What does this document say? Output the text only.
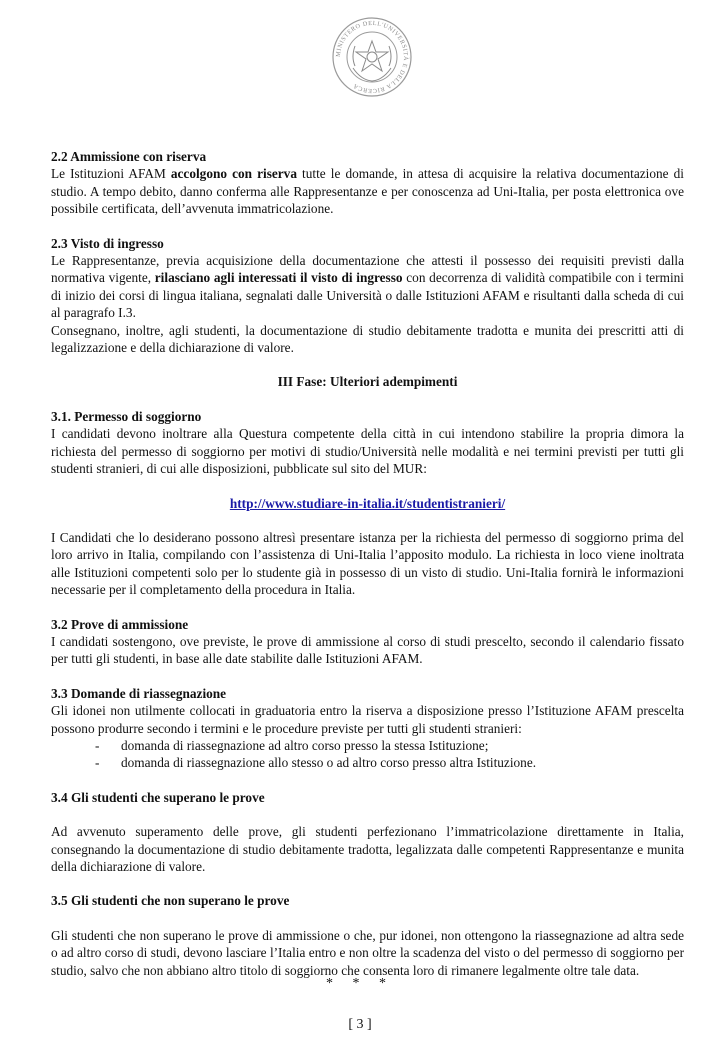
MINISTERO DELL'UNIVERSITÀ E DELLA RICERCA

2.2 Ammissione con riserva

Le Istituzioni AFAM accolgono con riserva tutte le domande, in attesa di acquisire la relativa documentazione di studio. A tempo debito, danno conferma alle Rappresentanze e per conoscenza ad Uni-Italia, per posta elettronica ove possibile certificata, dell’avvenuta immatricolazione.

2.3 Visto di ingresso

Le Rappresentanze, previa acquisizione della documentazione che attesti il possesso dei requisiti previsti dalla normativa vigente, rilasciano agli interessati il visto di ingresso con decorrenza di validità compatibile con i termini di inizio dei corsi di lingua italiana, segnalati dalle Università o dalle Istituzioni AFAM e risultanti dalla scheda di cui al paragrafo I.3.

Consegnano, inoltre, agli studenti, la documentazione di studio debitamente tradotta e munita dei prescritti atti di legalizzazione e della dichiarazione di valore.

III Fase: Ulteriori adempimenti

3.1. Permesso di soggiorno

I candidati devono inoltrare alla Questura competente della città in cui intendono stabilire la propria dimora la richiesta del permesso di soggiorno per motivi di studio/Università nelle modalità e nei termini previsti per tutti gli studenti stranieri, di cui alle disposizioni, pubblicate sul sito del MUR:

http://www.studiare-in-italia.it/studentistranieri/

I Candidati che lo desiderano possono altresì presentare istanza per la richiesta del permesso di soggiorno prima del loro arrivo in Italia, compilando con l’assistenza di Uni-Italia l’apposito modulo. La richiesta in loco viene inoltrata alle Istituzioni competenti solo per lo studente già in possesso di un visto di studio. Uni-Italia fornirà le informazioni necessarie per il completamento della procedura in Italia.

3.2 Prove di ammissione

I candidati sostengono, ove previste, le prove di ammissione al corso di studi prescelto, secondo il calendario fissato per tutti gli studenti, in base alle date stabilite dalle Istituzioni AFAM.

3.3 Domande di riassegnazione

Gli idonei non utilmente collocati in graduatoria entro la riserva a disposizione presso l’Istituzione AFAM prescelta possono produrre secondo i termini e le procedure previste per tutti gli studenti stranieri:

- domanda di riassegnazione ad altro corso presso la stessa Istituzione;
- domanda di riassegnazione allo stesso o ad altro corso presso altra Istituzione.

3.4 Gli studenti che superano le prove

Ad avvenuto superamento delle prove, gli studenti perfezionano l’immatricolazione direttamente in Italia, consegnando la documentazione di studio debitamente tradotta, legalizzata dalle competenti Rappresentanze e munita della dichiarazione di valore.

3.5 Gli studenti che non superano le prove

Gli studenti che non superano le prove di ammissione o che, pur idonei, non ottengono la riassegnazione ad altra sede o ad altro corso di studi, devono lasciare l’Italia entro e non oltre la scadenza del visto o del permesso di soggiorno per studio, salvo che non abbiano altro titolo di soggiorno che consenta loro di rimanere legalmente oltre tale data.

* * *
[ 3 ]
